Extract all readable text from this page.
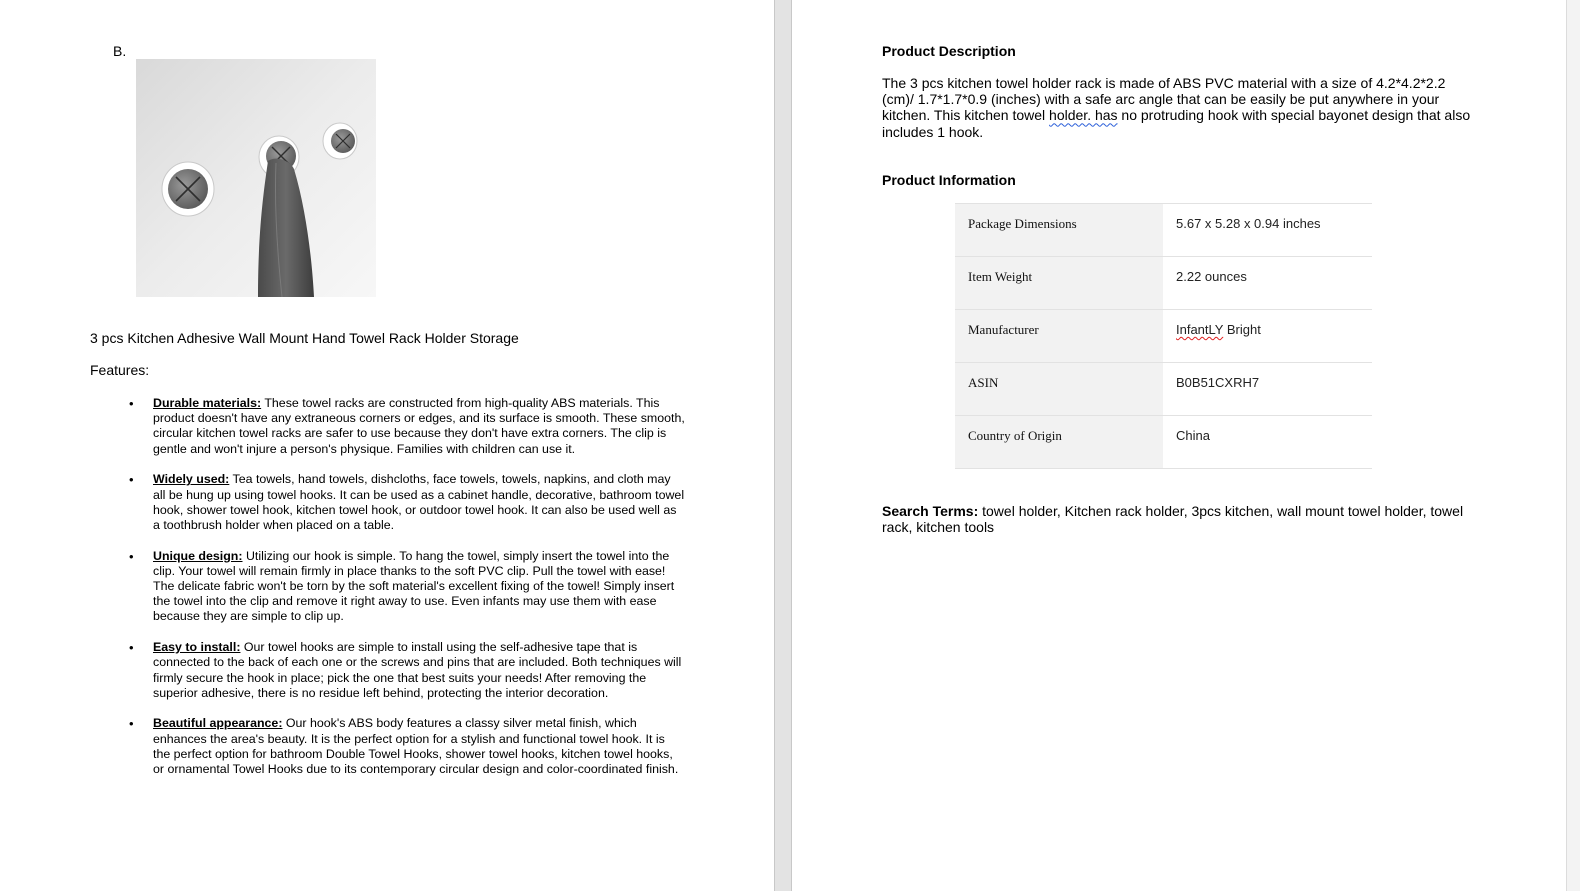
B.
3 pcs Kitchen Adhesive Wall Mount Hand Towel Rack Holder Storage
Features:
• Durable materials: These towel racks are constructed from high-quality ABS materials. This product doesn't have any extraneous corners or edges, and its surface is smooth. These smooth, circular kitchen towel racks are safer to use because they don't have extra corners. The clip is gentle and won't injure a person's physique. Families with children can use it.
• Widely used: Tea towels, hand towels, dishcloths, face towels, towels, napkins, and cloth may all be hung up using towel hooks. It can be used as a cabinet handle, decorative, bathroom towel hook, shower towel hook, kitchen towel hook, or outdoor towel hook. It can also be used well as a toothbrush holder when placed on a table.
• Unique design: Utilizing our hook is simple. To hang the towel, simply insert the towel into the clip. Your towel will remain firmly in place thanks to the soft PVC clip. Pull the towel with ease! The delicate fabric won't be torn by the soft material's excellent fixing of the towel! Simply insert the towel into the clip and remove it right away to use. Even infants may use them with ease because they are simple to clip up.
• Easy to install: Our towel hooks are simple to install using the self-adhesive tape that is connected to the back of each one or the screws and pins that are included. Both techniques will firmly secure the hook in place; pick the one that best suits your needs! After removing the superior adhesive, there is no residue left behind, protecting the interior decoration.
• Beautiful appearance: Our hook's ABS body features a classy silver metal finish, which enhances the area's beauty. It is the perfect option for a stylish and functional towel hook. It is the perfect option for bathroom Double Towel Hooks, shower towel hooks, kitchen towel hooks, or ornamental Towel Hooks due to its contemporary circular design and color-coordinated finish.
Product Description
The 3 pcs kitchen towel holder rack is made of ABS PVC material with a size of 4.2*4.2*2.2 (cm)/ 1.7*1.7*0.9 (inches) with a safe arc angle that can be easily be put anywhere in your kitchen. This kitchen towel holder. has no protruding hook with special bayonet design that also includes 1 hook.
Product Information
Package Dimensions	5.67 x 5.28 x 0.94 inches
Item Weight	2.22 ounces
Manufacturer	InfantLY Bright
ASIN	B0B51CXRH7
Country of Origin	China
Search Terms: towel holder, Kitchen rack holder, 3pcs kitchen, wall mount towel holder, towel rack, kitchen tools
